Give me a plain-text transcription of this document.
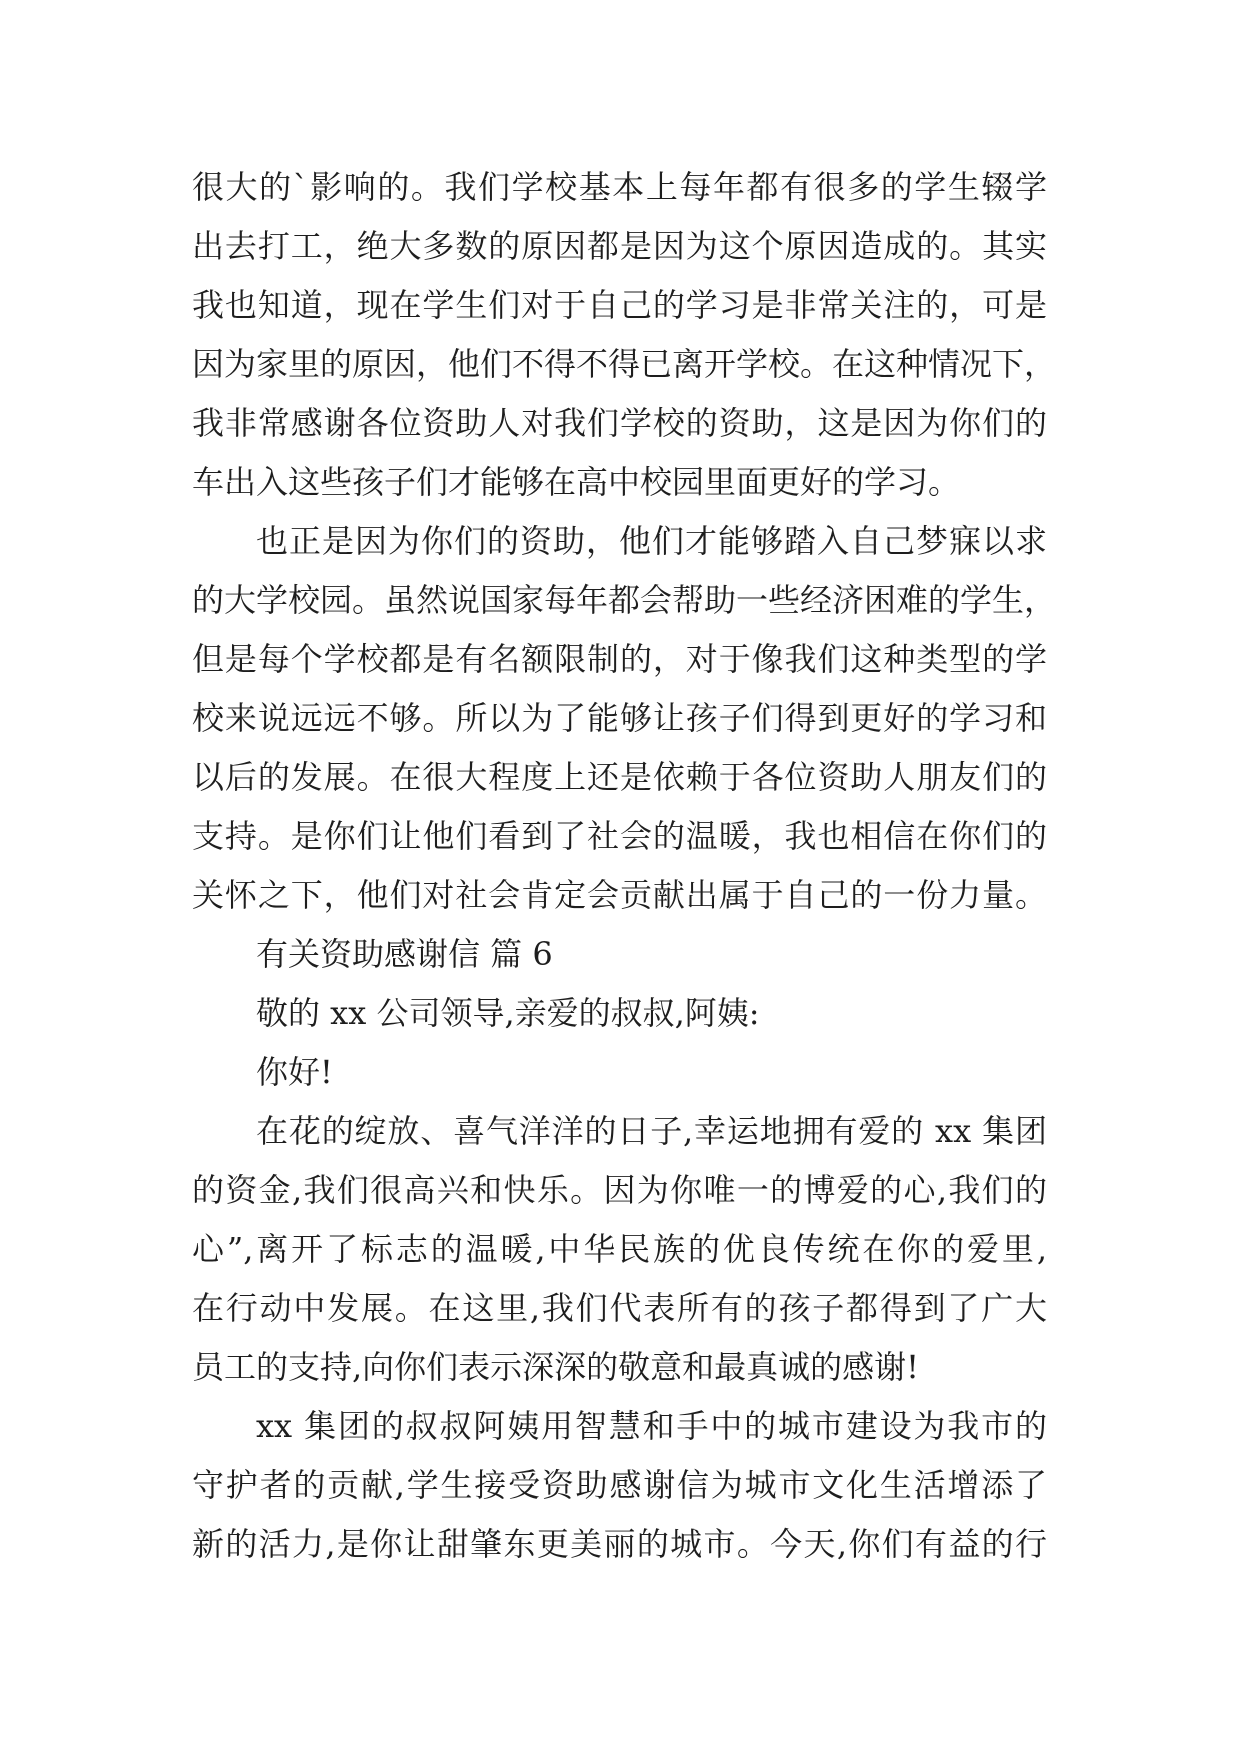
很大的`影响的。我们学校基本上每年都有很多的学生辍学
出去打工，绝大多数的原因都是因为这个原因造成的。其实
我也知道，现在学生们对于自己的学习是非常关注的，可是
因为家里的原因，他们不得不得已离开学校。在这种情况下，
我非常感谢各位资助人对我们学校的资助，这是因为你们的
车出入这些孩子们才能够在高中校园里面更好的学习。
也正是因为你们的资助，他们才能够踏入自己梦寐以求
的大学校园。虽然说国家每年都会帮助一些经济困难的学生，
但是每个学校都是有名额限制的，对于像我们这种类型的学
校来说远远不够。所以为了能够让孩子们得到更好的学习和
以后的发展。在很大程度上还是依赖于各位资助人朋友们的
支持。是你们让他们看到了社会的温暖，我也相信在你们的
关怀之下，他们对社会肯定会贡献出属于自己的一份力量。
有关资助感谢信 篇 6
敬的 xx 公司领导,亲爱的叔叔,阿姨:
你好!
在花的绽放、喜气洋洋的日子,幸运地拥有爱的 xx 集团
的资金,我们很高兴和快乐。因为你唯一的博爱的心,我们的
心”,离开了标志的温暖,中华民族的优良传统在你的爱里,
在行动中发展。在这里,我们代表所有的孩子都得到了广大
员工的支持,向你们表示深深的敬意和最真诚的感谢!
xx 集团的叔叔阿姨用智慧和手中的城市建设为我市的
守护者的贡献,学生接受资助感谢信为城市文化生活增添了
新的活力,是你让甜肇东更美丽的城市。今天,你们有益的行
